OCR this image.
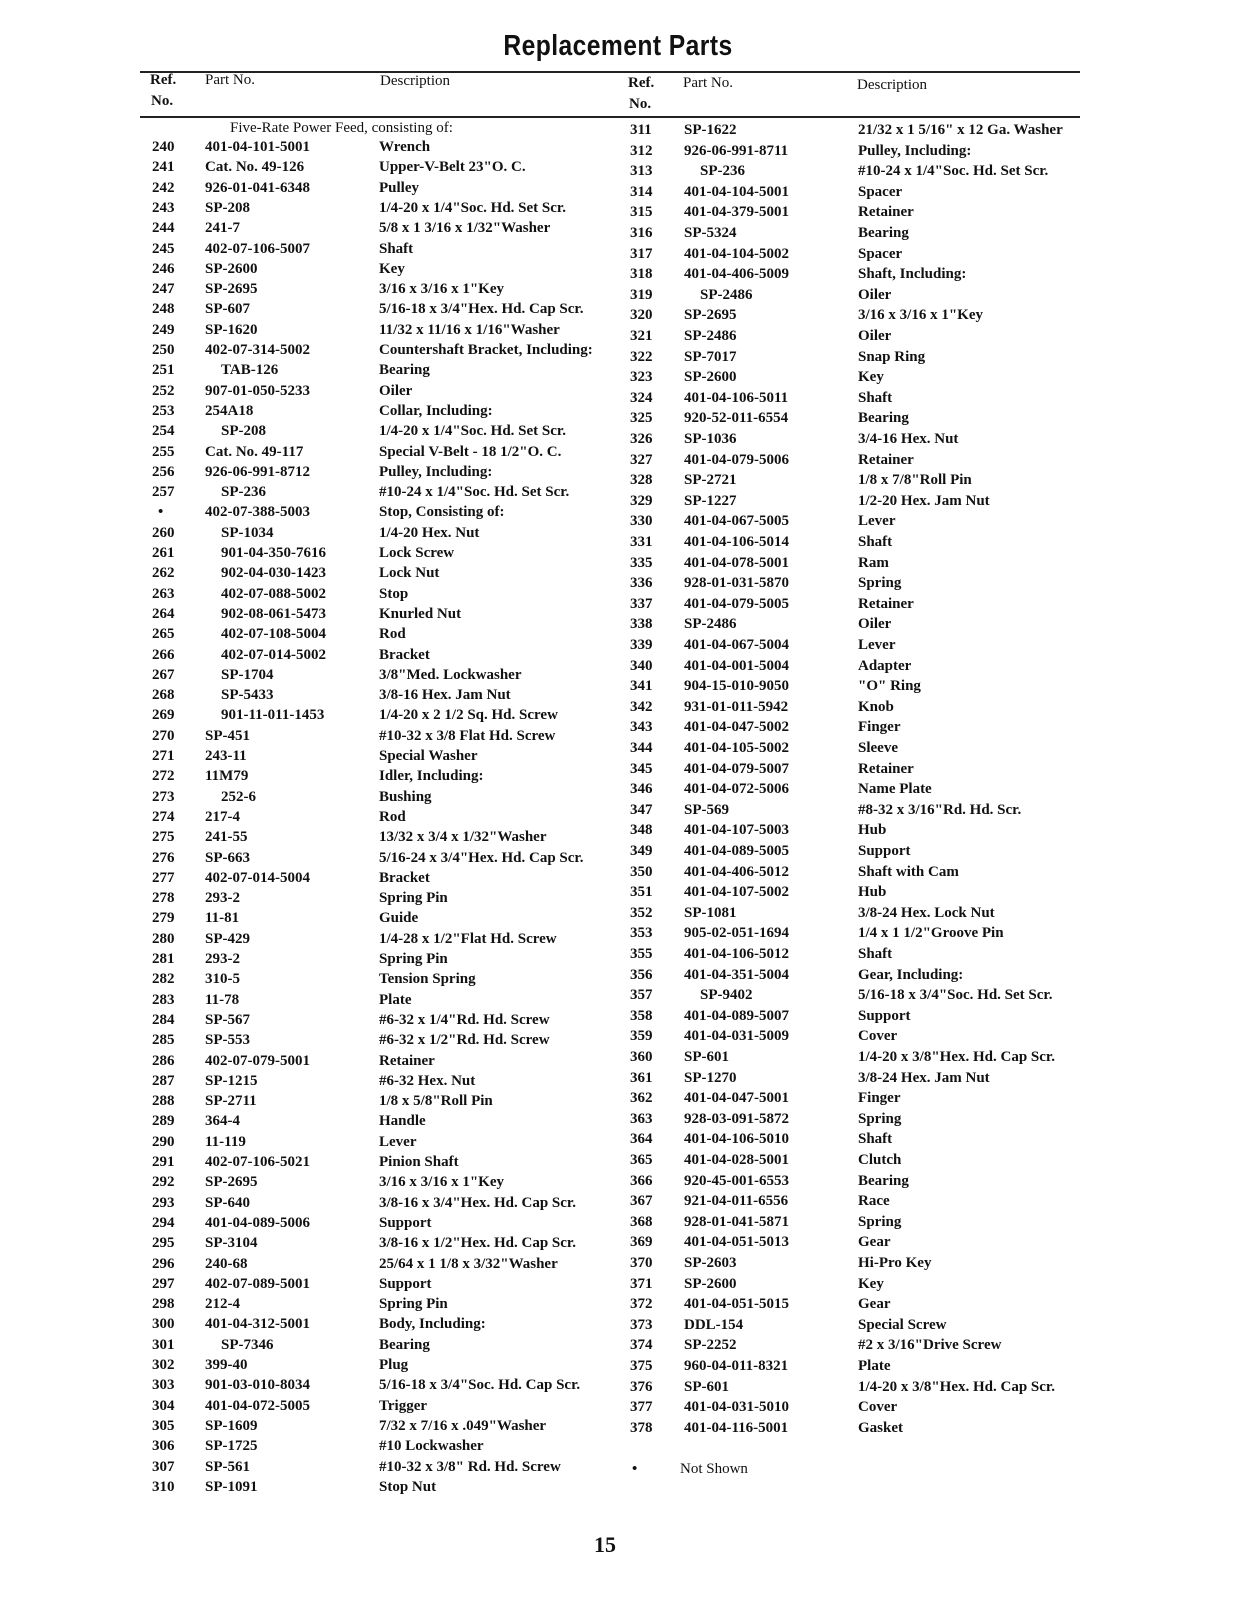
Replacement Parts
Ref.
No.
Part No.	Description	Ref.
No.
Part No.	Description
Five-Rate Power Feed, consisting of:
240 401-04-101-5001	Wrench
241 Cat. No. 49-126	Upper-V-Belt 23"O. C.
242 926-01-041-6348	Pulley
243 SP-208	1/4-20 x 1/4"Soc. Hd. Set Scr.
244 241-7	5/8 x 1 3/16 x 1/32"Washer
245 402-07-106-5007	Shaft
246 SP-2600	Key
247 SP-2695	3/16 x 3/16 x 1"Key
248 SP-607	5/16-18 x 3/4"Hex. Hd. Cap Scr.
249 SP-1620	11/32 x 11/16 x 1/16"Washer
250 402-07-314-5002	Countershaft Bracket, Including:
251	TAB-126	Bearing
252 907-01-050-5233	Oiler
253 254A18	Collar, Including:
254	SP-208	1/4-20 x 1/4"Soc. Hd. Set Scr.
255 Cat. No. 49-117	Special V-Belt - 18 1/2"O. C.
256 926-06-991-8712	Pulley, Including:
257	SP-236	#10-24 x 1/4"Soc. Hd. Set Scr.
•	402-07-388-5003	Stop, Consisting of:
260	SP-1034	1/4-20 Hex. Nut
261	901-04-350-7616	Lock Screw
262	902-04-030-1423	Lock Nut
263	402-07-088-5002	Stop
264	902-08-061-5473	Knurled Nut
265	402-07-108-5004	Rod
266	402-07-014-5002	Bracket
267	SP-1704	3/8"Med. Lockwasher
268	SP-5433	3/8-16 Hex. Jam Nut
269	901-11-011-1453	1/4-20 x 2 1/2 Sq. Hd. Screw
270 SP-451	#10-32 x 3/8 Flat Hd. Screw
271 243-11	Special Washer
272 11M79	Idler, Including:
273	252-6	Bushing
274 217-4	Rod
275 241-55	13/32 x 3/4 x 1/32"Washer
276 SP-663	5/16-24 x 3/4"Hex. Hd. Cap Scr.
277 402-07-014-5004	Bracket
278 293-2	Spring Pin
279 11-81	Guide
280 SP-429	1/4-28 x 1/2"Flat Hd. Screw
281 293-2	Spring Pin
282 310-5	Tension Spring
283 11-78	Plate
284 SP-567	#6-32 x 1/4"Rd. Hd. Screw
285 SP-553	#6-32 x 1/2"Rd. Hd. Screw
286 402-07-079-5001	Retainer
287 SP-1215	#6-32 Hex. Nut
288 SP-2711	1/8 x 5/8"Roll Pin
289 364-4	Handle
290 11-119	Lever
291 402-07-106-5021	Pinion Shaft
292 SP-2695	3/16 x 3/16 x 1"Key
293 SP-640	3/8-16 x 3/4"Hex. Hd. Cap Scr.
294 401-04-089-5006	Support
295 SP-3104	3/8-16 x 1/2"Hex. Hd. Cap Scr.
296 240-68	25/64 x 1 1/8 x 3/32"Washer
297 402-07-089-5001	Support
298 212-4	Spring Pin
300 401-04-312-5001	Body, Including:
301	SP-7346	Bearing
302 399-40	Plug
303 901-03-010-8034	5/16-18 x 3/4"Soc. Hd. Cap Scr.
304 401-04-072-5005	Trigger
305 SP-1609	7/32 x 7/16 x .049"Washer
306 SP-1725	#10 Lockwasher
307 SP-561	#10-32 x 3/8" Rd. Hd. Screw
310 SP-1091	Stop Nut
311 SP-1622	21/32 x 1 5/16" x 12 Ga. Washer
312 926-06-991-8711	Pulley, Including:
313	SP-236	#10-24 x 1/4"Soc. Hd. Set Scr.
314 401-04-104-5001	Spacer
315 401-04-379-5001	Retainer
316 SP-5324	Bearing
317 401-04-104-5002	Spacer
318 401-04-406-5009	Shaft, Including:
319	SP-2486	Oiler
320 SP-2695	3/16 x 3/16 x 1"Key
321 SP-2486	Oiler
322 SP-7017	Snap Ring
323 SP-2600	Key
324 401-04-106-5011	Shaft
325 920-52-011-6554	Bearing
326 SP-1036	3/4-16 Hex. Nut
327 401-04-079-5006	Retainer
328 SP-2721	1/8 x 7/8"Roll Pin
329 SP-1227	1/2-20 Hex. Jam Nut
330 401-04-067-5005	Lever
331 401-04-106-5014	Shaft
335 401-04-078-5001	Ram
336 928-01-031-5870	Spring
337 401-04-079-5005	Retainer
338 SP-2486	Oiler
339 401-04-067-5004	Lever
340 401-04-001-5004	Adapter
341 904-15-010-9050	"O" Ring
342 931-01-011-5942	Knob
343 401-04-047-5002	Finger
344 401-04-105-5002	Sleeve
345 401-04-079-5007	Retainer
346 401-04-072-5006	Name Plate
347 SP-569	#8-32 x 3/16"Rd. Hd. Scr.
348 401-04-107-5003	Hub
349 401-04-089-5005	Support
350 401-04-406-5012	Shaft with Cam
351 401-04-107-5002	Hub
352 SP-1081	3/8-24 Hex. Lock Nut
353 905-02-051-1694	1/4 x 1 1/2"Groove Pin
355 401-04-106-5012	Shaft
356 401-04-351-5004	Gear, Including:
357	SP-9402	5/16-18 x 3/4"Soc. Hd. Set Scr.
358 401-04-089-5007	Support
359 401-04-031-5009	Cover
360 SP-601	1/4-20 x 3/8"Hex. Hd. Cap Scr.
361 SP-1270	3/8-24 Hex. Jam Nut
362 401-04-047-5001	Finger
363 928-03-091-5872	Spring
364 401-04-106-5010	Shaft
365 401-04-028-5001	Clutch
366 920-45-001-6553	Bearing
367 921-04-011-6556	Race
368 928-01-041-5871	Spring
369 401-04-051-5013	Gear
370 SP-2603	Hi-Pro Key
371 SP-2600	Key
372 401-04-051-5015	Gear
373 DDL-154	Special Screw
374 SP-2252	#2 x 3/16"Drive Screw
375 960-04-011-8321	Plate
376 SP-601	1/4-20 x 3/8"Hex. Hd. Cap Scr.
377 401-04-031-5010	Cover
378 401-04-116-5001	Gasket
•	Not Shown
15
